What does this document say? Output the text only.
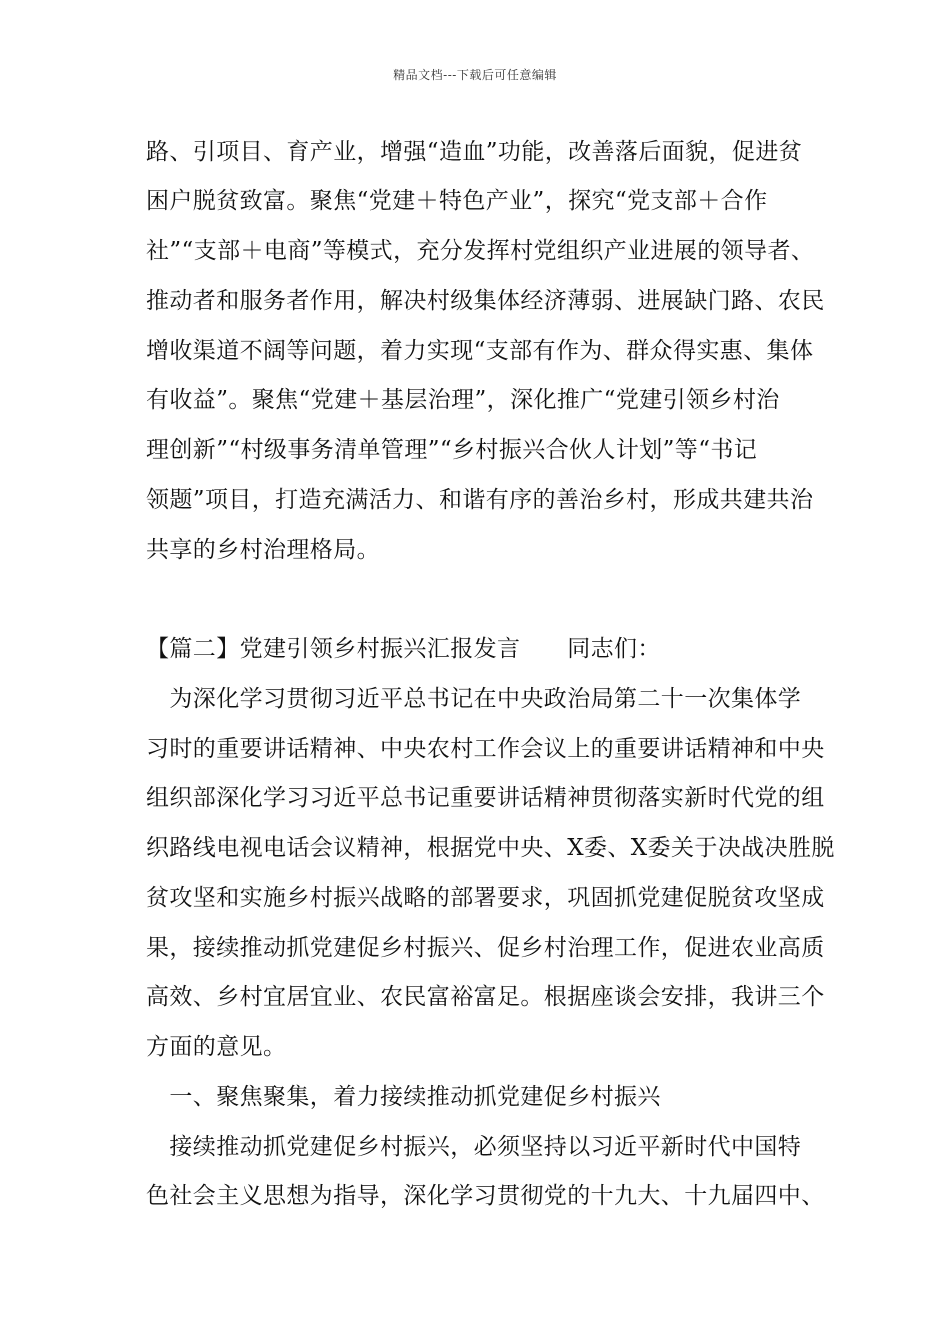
精品文档---下载后可任意编辑
路、引项目、育产业，增强“造血”功能，改善落后面貌，促进贫
困户脱贫致富。聚焦“党建＋特色产业”，探究“党支部＋合作
社”“支部＋电商”等模式，充分发挥村党组织产业进展的领导者、
推动者和服务者作用，解决村级集体经济薄弱、进展缺门路、农民
增收渠道不阔等问题，着力实现“支部有作为、群众得实惠、集体
有收益”。聚焦“党建＋基层治理”，深化推广“党建引领乡村治
理创新”“村级事务清单管理”“乡村振兴合伙人计划”等“书记
领题”项目，打造充满活力、和谐有序的善治乡村，形成共建共治
共享的乡村治理格局。
【篇二】党建引领乡村振兴汇报发言　　同志们：
　为深化学习贯彻习近平总书记在中央政治局第二十一次集体学
习时的重要讲话精神、中央农村工作会议上的重要讲话精神和中央
组织部深化学习习近平总书记重要讲话精神贯彻落实新时代党的组
织路线电视电话会议精神，根据党中央、X委、X委关于决战决胜脱
贫攻坚和实施乡村振兴战略的部署要求，巩固抓党建促脱贫攻坚成
果，接续推动抓党建促乡村振兴、促乡村治理工作，促进农业高质
高效、乡村宜居宜业、农民富裕富足。根据座谈会安排，我讲三个
方面的意见。
　一、聚焦聚集，着力接续推动抓党建促乡村振兴
　接续推动抓党建促乡村振兴，必须坚持以习近平新时代中国特
色社会主义思想为指导，深化学习贯彻党的十九大、十九届四中、
